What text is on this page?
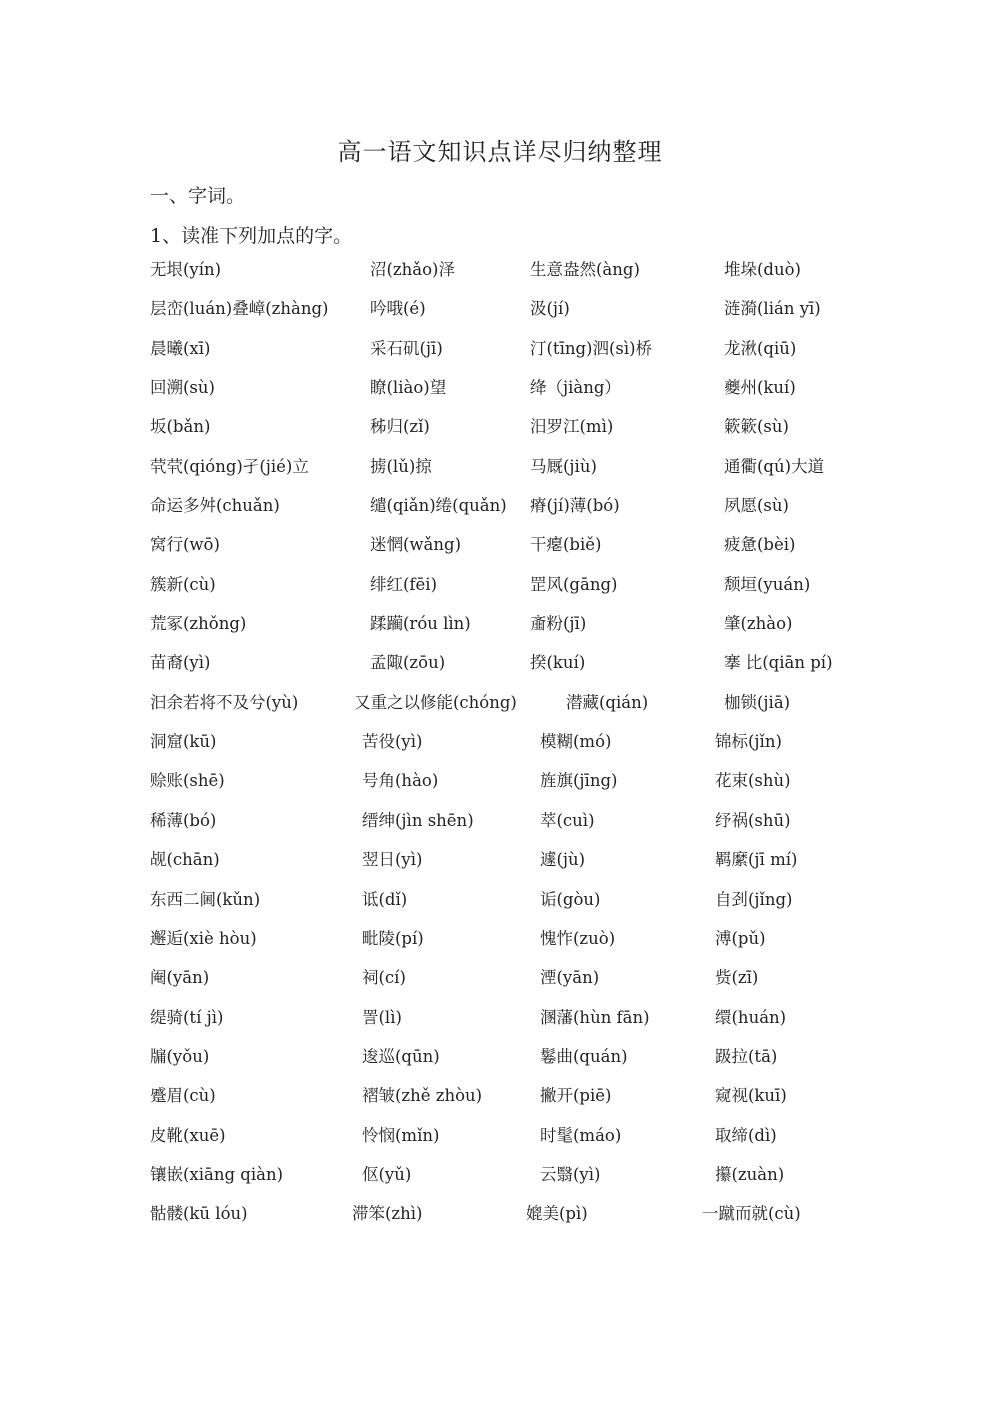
高一语文知识点详尽归纳整理
一、字词。
1、读准下列加点的字。
无垠(yín)	沼(zhǎo)泽	生意盎然(àng)	堆垛(duò)
层峦(luán)叠嶂(zhàng)	吟哦(é)	汲(jí)	涟漪(lián yī)
晨曦(xī)	采石矶(jī)	汀(tīng)泗(sì)桥	龙湫(qiū)
回溯(sù)	瞭(liào)望	绛（jiàng）	夔州(kuí)
坂(bǎn)	秭归(zǐ)	汨罗江(mì)	簌簌(sù)
茕茕(qióng)孑(jié)立	掳(lǔ)掠	马厩(jiù)	通衢(qú)大道
命运多舛(chuǎn)	缱(qiǎn)绻(quǎn) 瘠(jí)薄(bó)	夙愿(sù)
窝行(wō)	迷惘(wǎng)	干瘪(biě)	疲惫(bèi)
簇新(cù)	绯红(fēi)	罡风(gāng)	颓垣(yuán)
荒冢(zhǒng)	蹂躏(róu lìn)	齑粉(jī)	肇(zhào)
苗裔(yì)	孟陬(zōu)	揆(kuí)	搴 比(qiān pí)
汩余若将不及兮(yù)	又重之以修能(chóng)	潜藏(qián)	枷锁(jiā)
洞窟(kū)	苦役(yì)	模糊(mó)	锦标(jǐn)
赊账(shē)	号角(hào)	旌旗(jīng)	花束(shù)
稀薄(bó)	缙绅(jìn shēn)	萃(cuì)	纾祸(shū)
觇(chān)	翌日(yì)	遽(jù)	羁縻(jī mí)
东西二阃(kǔn)	诋(dǐ)	诟(gòu)	自刭(jǐng)
邂逅(xiè hòu)	毗陵(pí)	愧怍(zuò)	溥(pǔ)
阉(yān)	祠(cí)	湮(yān)	赀(zī)
缇骑(tí jì)	詈(lì)	溷藩(hùn fān)	缳(huán)
牖(yǒu)	逡巡(qūn)	鬈曲(quán)	趿拉(tā)
蹙眉(cù)	褶皱(zhě zhòu)	撇开(piē)	窥视(kuī)
皮靴(xuē)	怜悯(mǐn)	时髦(máo)	取缔(dì)
镶嵌(xiāng qiàn)	伛(yǔ)	云翳(yì)	攥(zuàn)
骷髅(kū lóu)	滞笨(zhì)	媲美(pì)	一蹴而就(cù)
